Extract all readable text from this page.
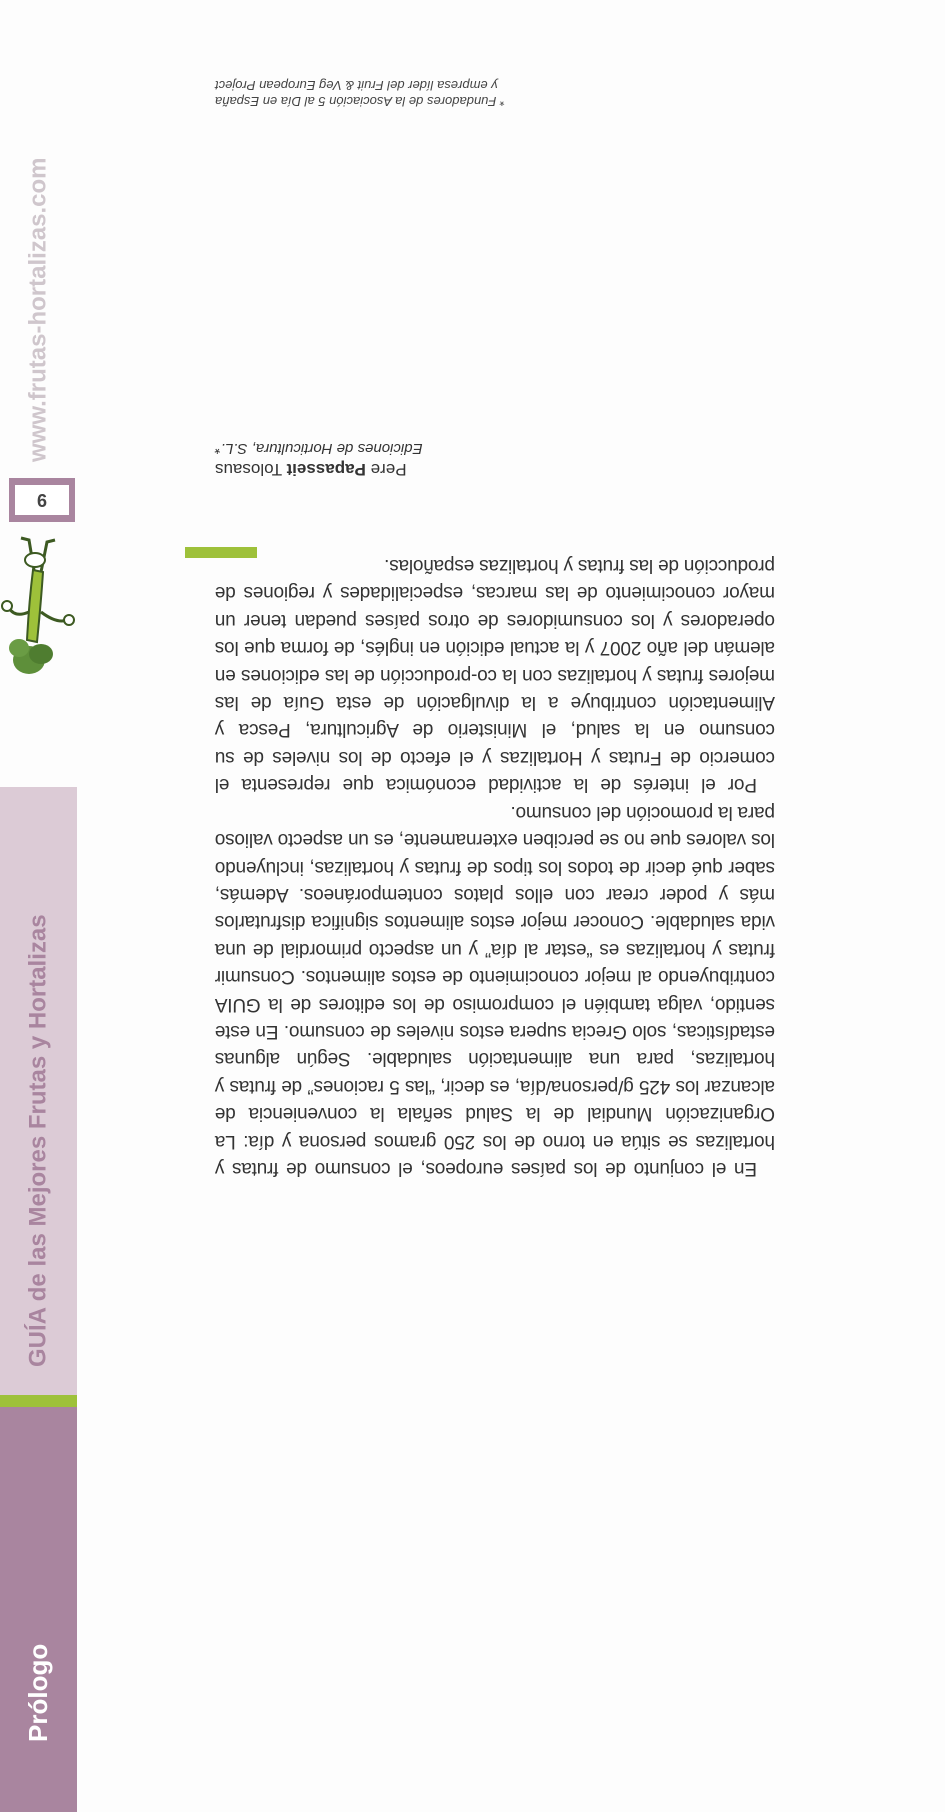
En el conjunto de los países europeos, el consumo de frutas y hortalizas se sitúa en torno de los 250 gramos persona y día: La Organización Mundial de la Salud señala la conveniencia de alcanzar los 425 g/persona/día, es decir, “las 5 raciones” de frutas y hortalizas, para una alimentación saludable. Según algunas estadísticas, solo Grecia supera estos niveles de consumo. En este sentido, valga también el compromiso de los editores de la GUIA contribuyendo al mejor conocimiento de estos alimentos. Consumir frutas y hortalizas es “estar al día” y un aspecto primordial de una vida saludable. Conocer mejor estos alimentos significa disfrutarlos más y poder crear con ellos platos contemporáneos. Además, saber qué decir de todos los tipos de frutas y hortalizas, incluyendo los valores que no se perciben externamente, es un aspecto valioso para la promoción del consumo.

Por el interés de la actividad económica que representa el comercio de Frutas y Hortalizas y el efecto de los niveles de su consumo en la salud, el Ministerio de Agricultura, Pesca y Alimentación contribuye a la divulgación de esta Guía de las mejores frutas y hortalizas con la co-producción de las ediciones en alemán del año 2007 y la actual edición en inglés, de forma que los operadores y los consumidores de otros países puedan tener un mayor conocimiento de las marcas, especialidades y regiones de producción de las frutas y hortalizas españolas.

Pere Papasseit Tolosaus
Ediciones de Horticultura, S.L.*
* Fundadores de la Asociación 5 al Día en España
y empresa líder del Fruit & Veg European Project
Prólogo
GUÍA de las Mejores Frutas y Hortalizas
9
www.frutas-hortalizas.com
